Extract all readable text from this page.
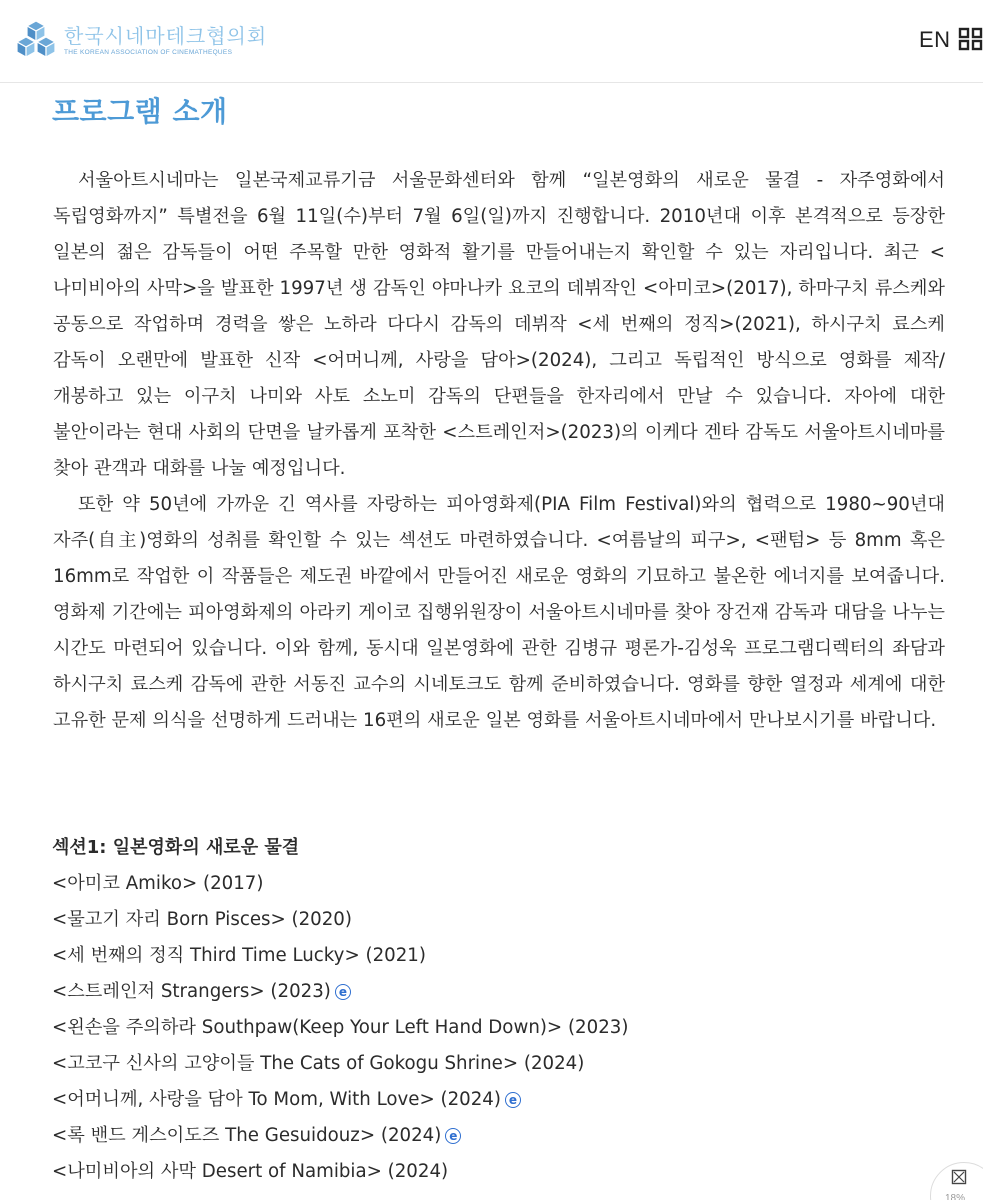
한국시네마테크협의회
THE KOREAN ASSOCIATION OF CINEMATHEQUES
EN
프로그램 소개

서울아트시네마는 일본국제교류기금 서울문화센터와 함께 “일본영화의 새로운 물결 - 자주영화에서 독립영화까지” 특별전을 6월 11일(수)부터 7월 6일(일)까지 진행합니다. 2010년대 이후 본격적으로 등장한 일본의 젊은 감독들이 어떤 주목할 만한 영화적 활기를 만들어내는지 확인할 수 있는 자리입니다. 최근 <나미비아의 사막>을 발표한 1997년 생 감독인 야마나카 요코의 데뷔작인 <아미코>(2017), 하마구치 류스케와 공동으로 작업하며 경력을 쌓은 노하라 다다시 감독의 데뷔작 <세 번째의 정직>(2021), 하시구치 료스케 감독이 오랜만에 발표한 신작 <어머니께, 사랑을 담아>(2024), 그리고 독립적인 방식으로 영화를 제작/개봉하고 있는 이구치 나미와 사토 소노미 감독의 단편들을 한자리에서 만날 수 있습니다. 자아에 대한 불안이라는 현대 사회의 단면을 날카롭게 포착한 <스트레인저>(2023)의 이케다 겐타 감독도 서울아트시네마를 찾아 관객과 대화를 나눌 예정입니다.

또한 약 50년에 가까운 긴 역사를 자랑하는 피아영화제(PIA Film Festival)와의 협력으로 1980~90년대 자주(自主)영화의 성취를 확인할 수 있는 섹션도 마련하였습니다. <여름날의 피구>, <팬텀> 등 8mm 혹은 16mm로 작업한 이 작품들은 제도권 바깥에서 만들어진 새로운 영화의 기묘하고 불온한 에너지를 보여줍니다. 영화제 기간에는 피아영화제의 아라키 게이코 집행위원장이 서울아트시네마를 찾아 장건재 감독과 대담을 나누는 시간도 마련되어 있습니다. 이와 함께, 동시대 일본영화에 관한 김병규 평론가-김성욱 프로그램디렉터의 좌담과 하시구치 료스케 감독에 관한 서동진 교수의 시네토크도 함께 준비하였습니다. 영화를 향한 열정과 세계에 대한 고유한 문제 의식을 선명하게 드러내는 16편의 새로운 일본 영화를 서울아트시네마에서 만나보시기를 바랍니다.

섹션1: 일본영화의 새로운 물결
<아미코 Amiko> (2017)
<물고기 자리 Born Pisces> (2020)
<세 번째의 정직 Third Time Lucky> (2021)
<스트레인저 Strangers> (2023) e
<왼손을 주의하라 Southpaw(Keep Your Left Hand Down)> (2023)
<고코구 신사의 고양이들 The Cats of Gokogu Shrine> (2024)
<어머니께, 사랑을 담아 To Mom, With Love> (2024) e
<록 밴드 게스이도즈 The Gesuidouz> (2024) e
<나미비아의 사막 Desert of Namibia> (2024)
18%
